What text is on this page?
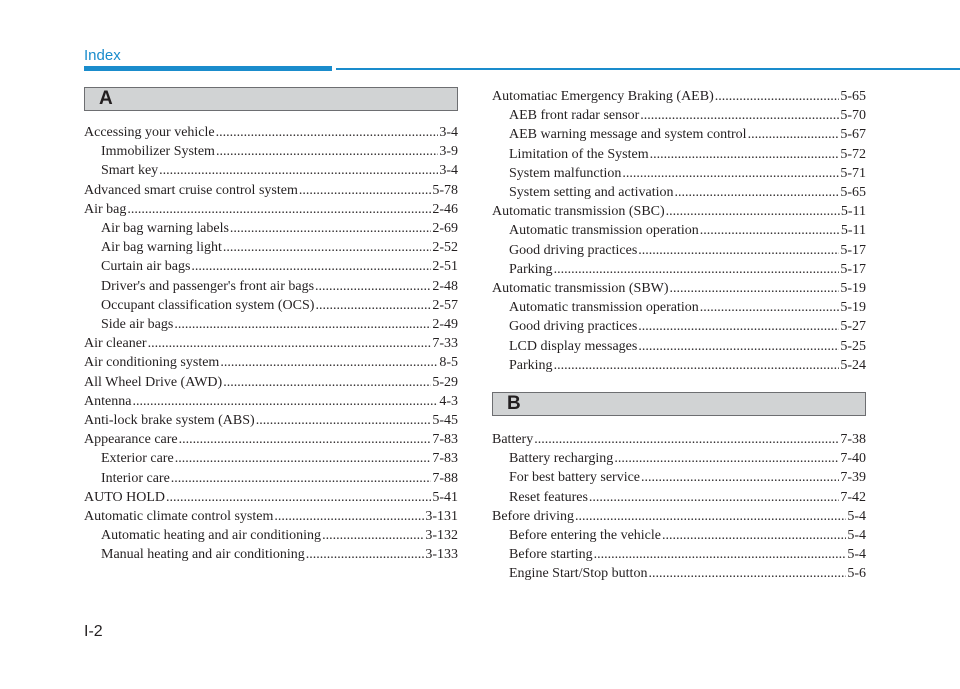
Index
A
Accessing your vehicle .....	3-4
Immobilizer System .....	3-9
Smart key .....	3-4
Advanced smart cruise control system .....	5-78
Air bag .....	2-46
Air bag warning labels .....	2-69
Air bag warning light .....	2-52
Curtain air bags .....	2-51
Driver's and passenger's front air bags .....	2-48
Occupant classification system (OCS) .....	2-57
Side air bags .....	2-49
Air cleaner .....	7-33
Air conditioning system .....	8-5
All Wheel Drive (AWD) .....	5-29
Antenna .....	4-3
Anti-lock brake system (ABS) .....	5-45
Appearance care .....	7-83
Exterior care .....	7-83
Interior care .....	7-88
AUTO HOLD .....	5-41
Automatic climate control system .....	3-131
Automatic heating and air conditioning .....	3-132
Manual heating and air conditioning .....	3-133
Automatiac Emergency Braking (AEB) .....	5-65
AEB front radar sensor .....	5-70
AEB warning message and system control .....	5-67
Limitation of the System .....	5-72
System malfunction .....	5-71
System setting and activation .....	5-65
Automatic transmission (SBC) .....	5-11
Automatic transmission operation .....	5-11
Good driving practices .....	5-17
Parking .....	5-17
Automatic transmission (SBW) .....	5-19
Automatic transmission operation .....	5-19
Good driving practices .....	5-27
LCD display messages .....	5-25
Parking .....	5-24
B
Battery .....	7-38
Battery recharging .....	7-40
For best battery service .....	7-39
Reset features .....	7-42
Before driving .....	5-4
Before entering the vehicle .....	5-4
Before starting .....	5-4
Engine Start/Stop button .....	5-6
I-2
